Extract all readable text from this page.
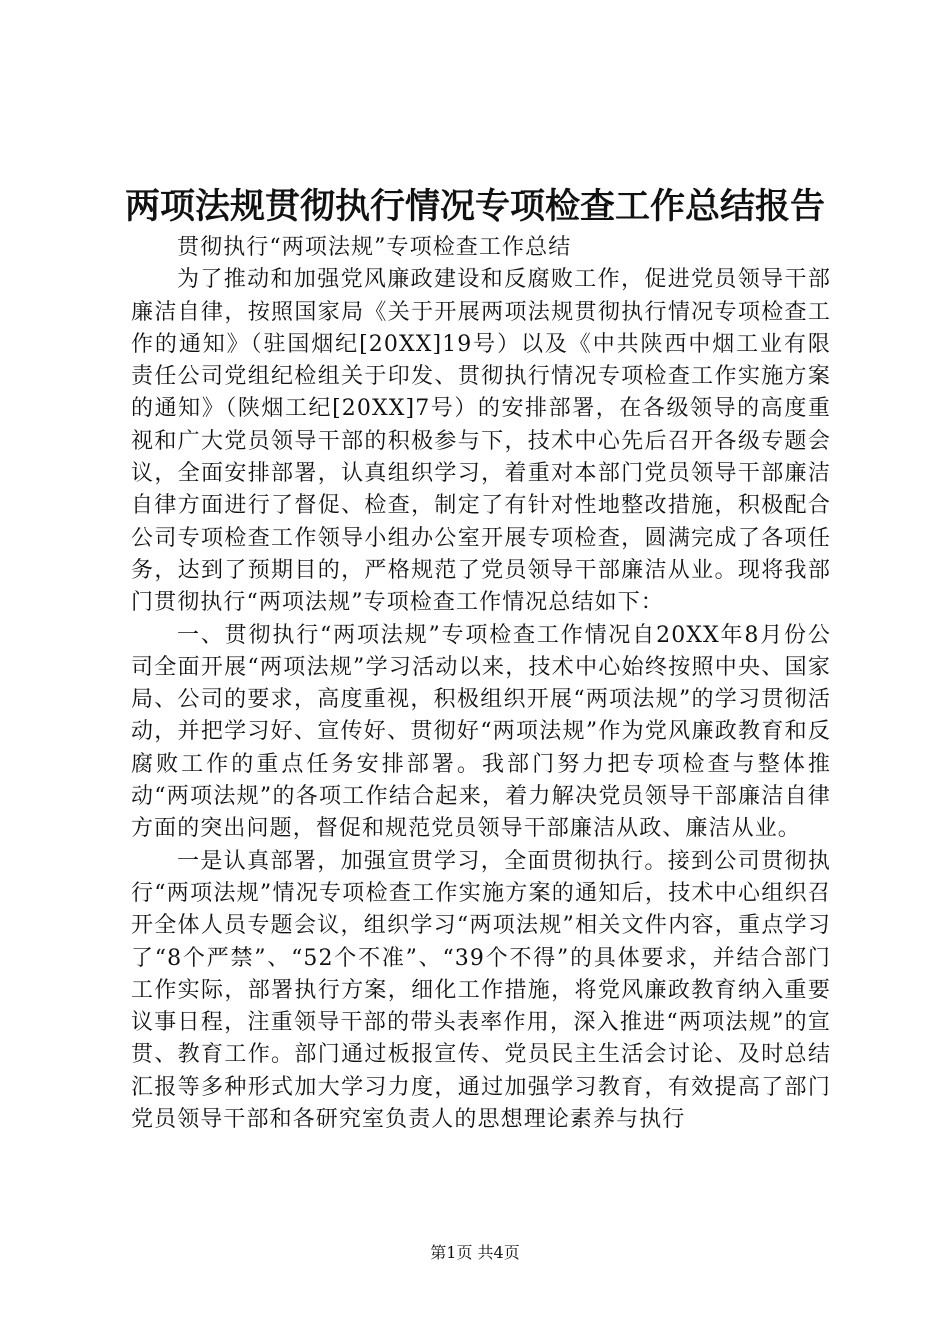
两项法规贯彻执行情况专项检查工作总结报告

贯彻执行“两项法规”专项检查工作总结

为了推动和加强党风廉政建设和反腐败工作，促进党员领导干部廉洁自律，按照国家局《关于开展两项法规贯彻执行情况专项检查工作的通知》（驻国烟纪[20XX]19号）以及《中共陕西中烟工业有限责任公司党组纪检组关于印发、贯彻执行情况专项检查工作实施方案的通知》（陕烟工纪[20XX]7号）的安排部署，在各级领导的高度重视和广大党员领导干部的积极参与下，技术中心先后召开各级专题会议，全面安排部署，认真组织学习，着重对本部门党员领导干部廉洁自律方面进行了督促、检查，制定了有针对性地整改措施，积极配合公司专项检查工作领导小组办公室开展专项检查，圆满完成了各项任务，达到了预期目的，严格规范了党员领导干部廉洁从业。现将我部门贯彻执行“两项法规”专项检查工作情况总结如下：

一、贯彻执行“两项法规”专项检查工作情况自20XX年8月份公司全面开展“两项法规”学习活动以来，技术中心始终按照中央、国家局、公司的要求，高度重视，积极组织开展“两项法规”的学习贯彻活动，并把学习好、宣传好、贯彻好“两项法规”作为党风廉政教育和反腐败工作的重点任务安排部署。我部门努力把专项检查与整体推动“两项法规”的各项工作结合起来，着力解决党员领导干部廉洁自律方面的突出问题，督促和规范党员领导干部廉洁从政、廉洁从业。

一是认真部署，加强宣贯学习，全面贯彻执行。接到公司贯彻执行“两项法规”情况专项检查工作实施方案的通知后，技术中心组织召开全体人员专题会议，组织学习“两项法规”相关文件内容，重点学习了“8个严禁”、“52个不准”、“39个不得”的具体要求，并结合部门工作实际，部署执行方案，细化工作措施，将党风廉政教育纳入重要议事日程，注重领导干部的带头表率作用，深入推进“两项法规”的宣贯、教育工作。部门通过板报宣传、党员民主生活会讨论、及时总结汇报等多种形式加大学习力度，通过加强学习教育，有效提高了部门党员领导干部和各研究室负责人的思想理论素养与执行

第1页 共4页
